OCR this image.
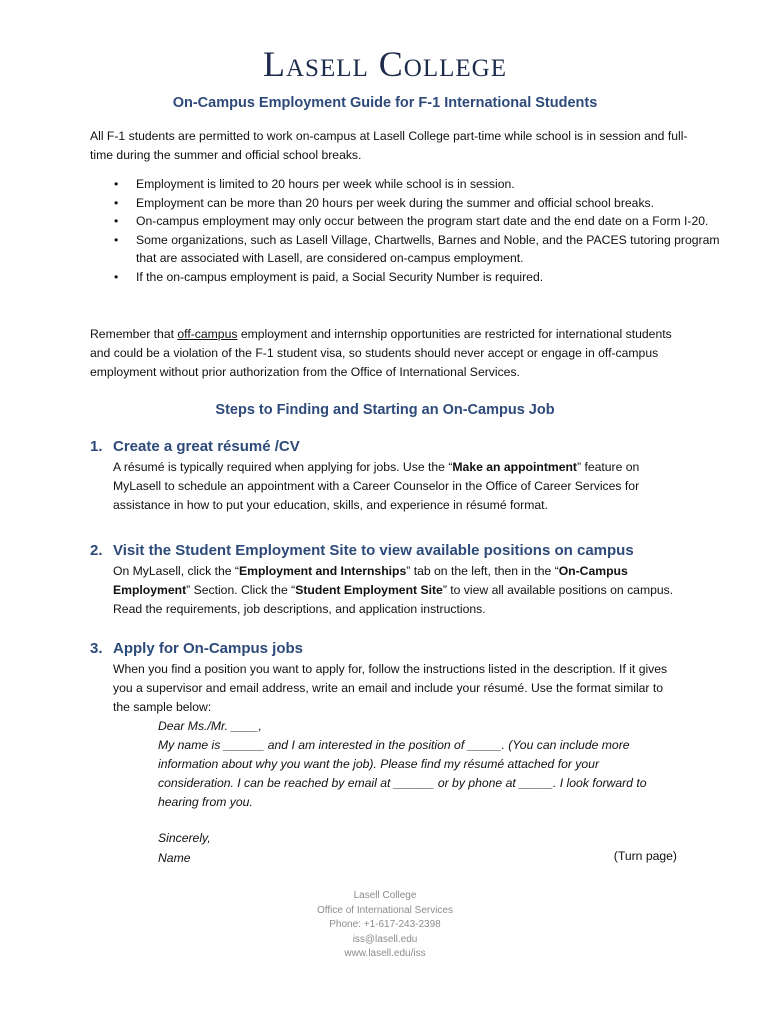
Lasell College
On-Campus Employment Guide for F-1 International Students
All F-1 students are permitted to work on-campus at Lasell College part-time while school is in session and full-time during the summer and official school breaks.
• Employment is limited to 20 hours per week while school is in session.
• Employment can be more than 20 hours per week during the summer and official school breaks.
• On-campus employment may only occur between the program start date and the end date on a Form I-20.
• Some organizations, such as Lasell Village, Chartwells, Barnes and Noble, and the PACES tutoring program that are associated with Lasell, are considered on-campus employment.
• If the on-campus employment is paid, a Social Security Number is required.
Remember that off-campus employment and internship opportunities are restricted for international students and could be a violation of the F-1 student visa, so students should never accept or engage in off-campus employment without prior authorization from the Office of International Services.
Steps to Finding and Starting an On-Campus Job
1. Create a great résumé /CV
A résumé is typically required when applying for jobs. Use the “Make an appointment” feature on MyLasell to schedule an appointment with a Career Counselor in the Office of Career Services for assistance in how to put your education, skills, and experience in résumé format.
2. Visit the Student Employment Site to view available positions on campus
On MyLasell, click the “Employment and Internships” tab on the left, then in the “On-Campus Employment” Section. Click the “Student Employment Site” to view all available positions on campus. Read the requirements, job descriptions, and application instructions.
3. Apply for On-Campus jobs
When you find a position you want to apply for, follow the instructions listed in the description. If it gives you a supervisor and email address, write an email and include your résumé. Use the format similar to the sample below:
Dear Ms./Mr. ____,
My name is ______ and I am interested in the position of _____. (You can include more information about why you want the job). Please find my résumé attached for your consideration. I can be reached by email at ______ or by phone at _____. I look forward to hearing from you.
Sincerely,
Name	(Turn page)
Lasell College
Office of International Services
Phone: +1-617-243-2398
iss@lasell.edu
www.lasell.edu/iss
